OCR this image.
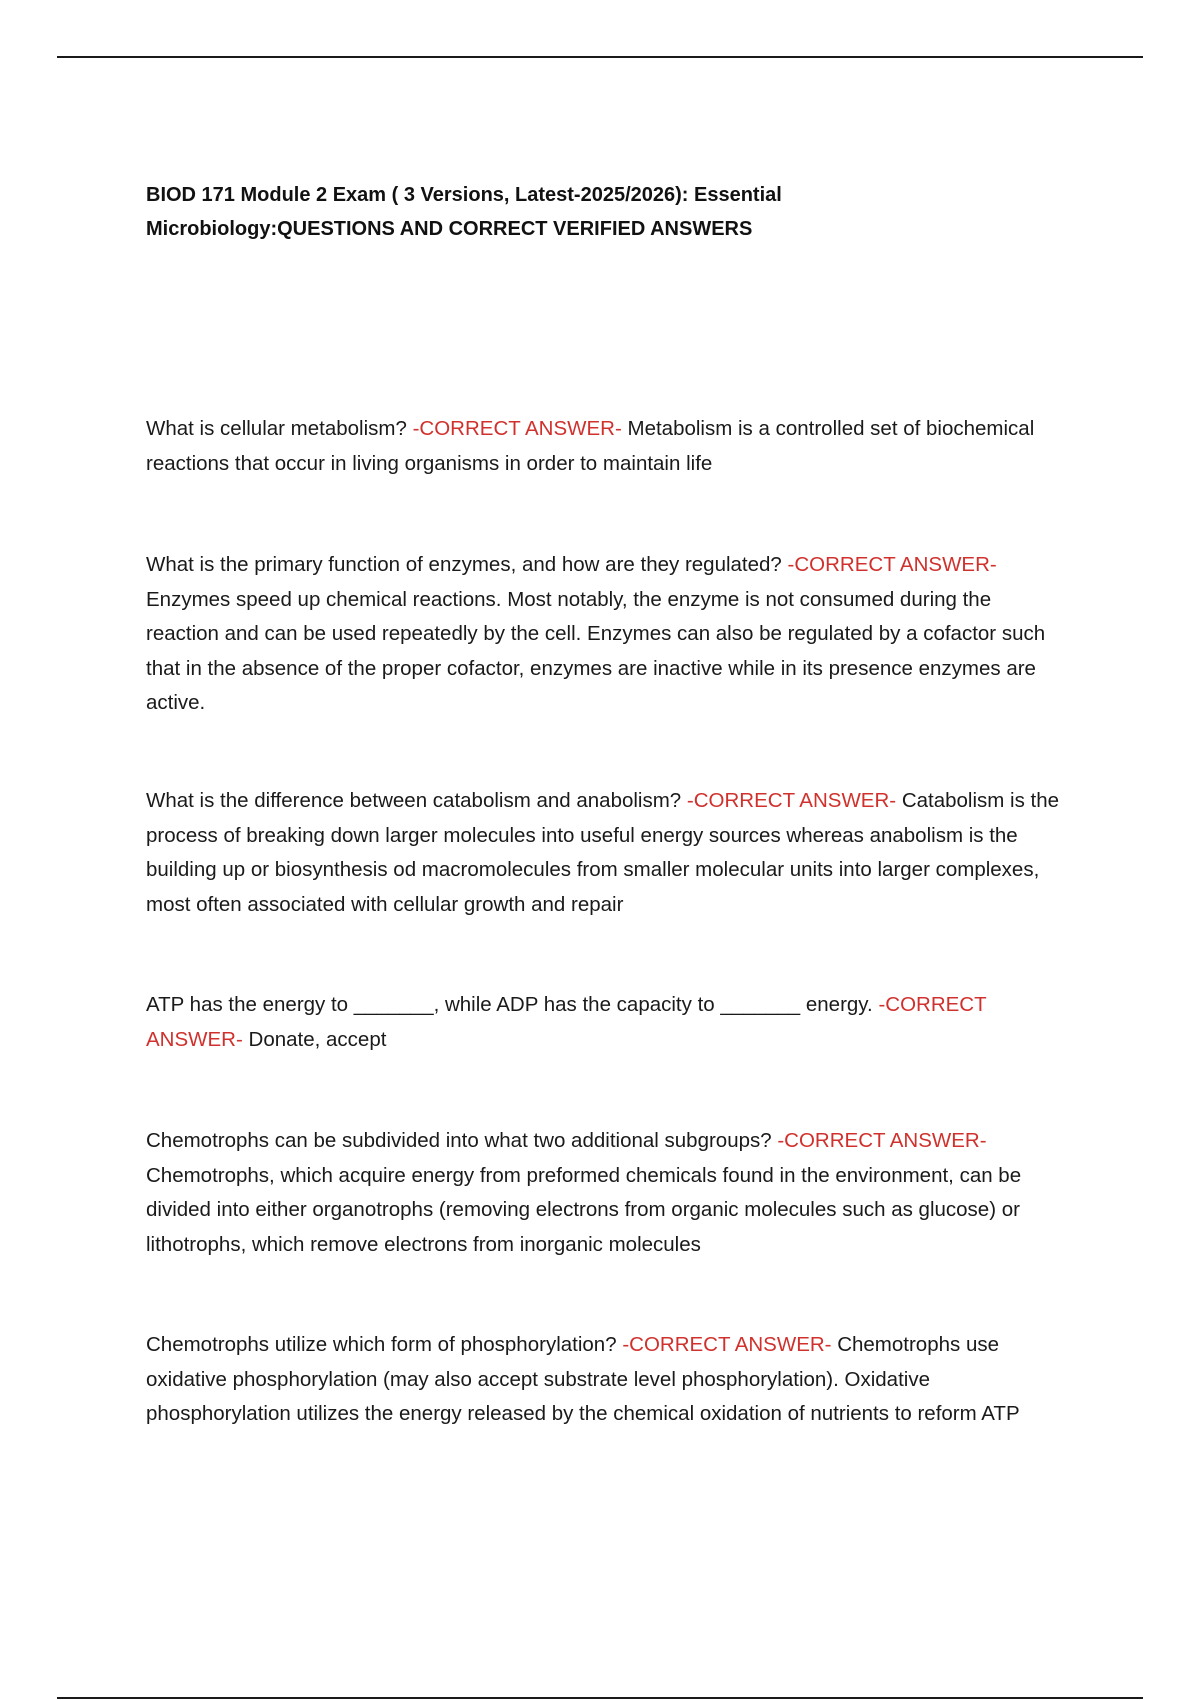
BIOD 171 Module 2 Exam ( 3 Versions, Latest-2025/2026): Essential Microbiology:QUESTIONS AND CORRECT VERIFIED ANSWERS

What is cellular metabolism? -CORRECT ANSWER- Metabolism is a controlled set of biochemical reactions that occur in living organisms in order to maintain life

What is the primary function of enzymes, and how are they regulated? -CORRECT ANSWER- Enzymes speed up chemical reactions. Most notably, the enzyme is not consumed during the reaction and can be used repeatedly by the cell. Enzymes can also be regulated by a cofactor such that in the absence of the proper cofactor, enzymes are inactive while in its presence enzymes are active.

What is the difference between catabolism and anabolism? -CORRECT ANSWER- Catabolism is the process of breaking down larger molecules into useful energy sources whereas anabolism is the building up or biosynthesis od macromolecules from smaller molecular units into larger complexes, most often associated with cellular growth and repair

ATP has the energy to _______, while ADP has the capacity to _______ energy. -CORRECT ANSWER- Donate, accept

Chemotrophs can be subdivided into what two additional subgroups? -CORRECT ANSWER- Chemotrophs, which acquire energy from preformed chemicals found in the environment, can be divided into either organotrophs (removing electrons from organic molecules such as glucose) or lithotrophs, which remove electrons from inorganic molecules

Chemotrophs utilize which form of phosphorylation? -CORRECT ANSWER- Chemotrophs use oxidative phosphorylation (may also accept substrate level phosphorylation). Oxidative phosphorylation utilizes the energy released by the chemical oxidation of nutrients to reform ATP
